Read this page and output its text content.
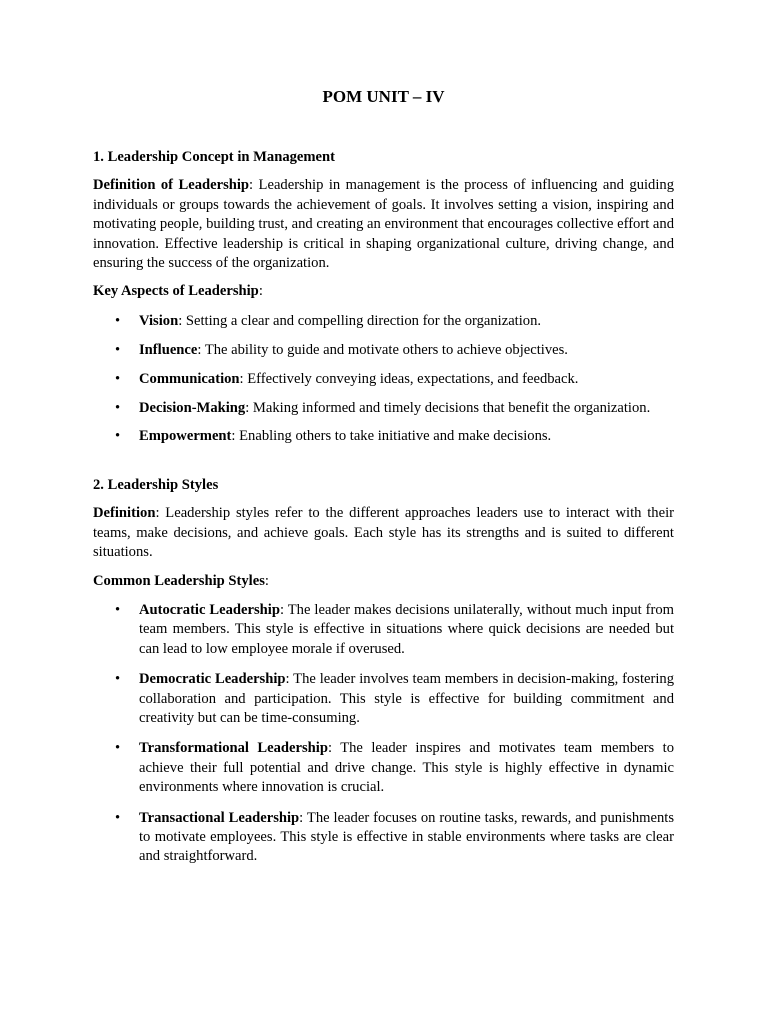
POM UNIT – IV
1. Leadership Concept in Management

Definition of Leadership: Leadership in management is the process of influencing and guiding individuals or groups towards the achievement of goals. It involves setting a vision, inspiring and motivating people, building trust, and creating an environment that encourages collective effort and innovation. Effective leadership is critical in shaping organizational culture, driving change, and ensuring the success of the organization.

Key Aspects of Leadership:

• Vision: Setting a clear and compelling direction for the organization.
• Influence: The ability to guide and motivate others to achieve objectives.
• Communication: Effectively conveying ideas, expectations, and feedback.
• Decision-Making: Making informed and timely decisions that benefit the organization.
• Empowerment: Enabling others to take initiative and make decisions.
2. Leadership Styles

Definition: Leadership styles refer to the different approaches leaders use to interact with their teams, make decisions, and achieve goals. Each style has its strengths and is suited to different situations.

Common Leadership Styles:

• Autocratic Leadership: The leader makes decisions unilaterally, without much input from team members. This style is effective in situations where quick decisions are needed but can lead to low employee morale if overused.
• Democratic Leadership: The leader involves team members in decision-making, fostering collaboration and participation. This style is effective for building commitment and creativity but can be time-consuming.
• Transformational Leadership: The leader inspires and motivates team members to achieve their full potential and drive change. This style is highly effective in dynamic environments where innovation is crucial.
• Transactional Leadership: The leader focuses on routine tasks, rewards, and punishments to motivate employees. This style is effective in stable environments where tasks are clear and straightforward.
